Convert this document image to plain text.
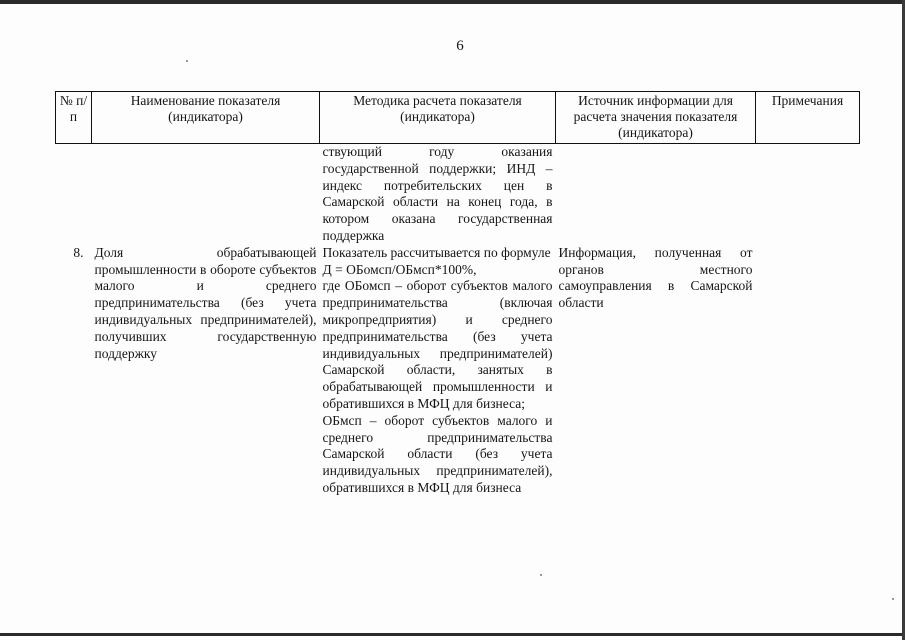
6
№ п/п	Наименование показателя (индикатора)	Методика расчета показателя (индикатора)	Источник информации для расчета значения показателя (индикатора)	Примечания
		ствующий году оказания государственной поддержки; ИНД – индекс потребительских цен в Самарской области на конец года, в котором оказана государственная поддержка		
8.	Доля обрабатывающей промышленности в обороте субъектов малого и среднего предпринимательства (без учета индивидуальных предпринимателей), получивших государственную поддержку	Показатель рассчитывается по формуле
Д = ОБомсп/ОБмсп*100%,
где ОБомсп – оборот субъектов малого предпринимательства (включая микропредприятия) и среднего предпринимательства (без учета индивидуальных предпринимателей) Самарской области, занятых в обрабатывающей промышленности и обратившихся в МФЦ для бизнеса;
ОБмсп – оборот субъектов малого и среднего предпринимательства Самарской области (без учета индивидуальных предпринимателей), обратившихся в МФЦ для бизнеса	Информация, полученная от органов местного самоуправления в Самарской области	
